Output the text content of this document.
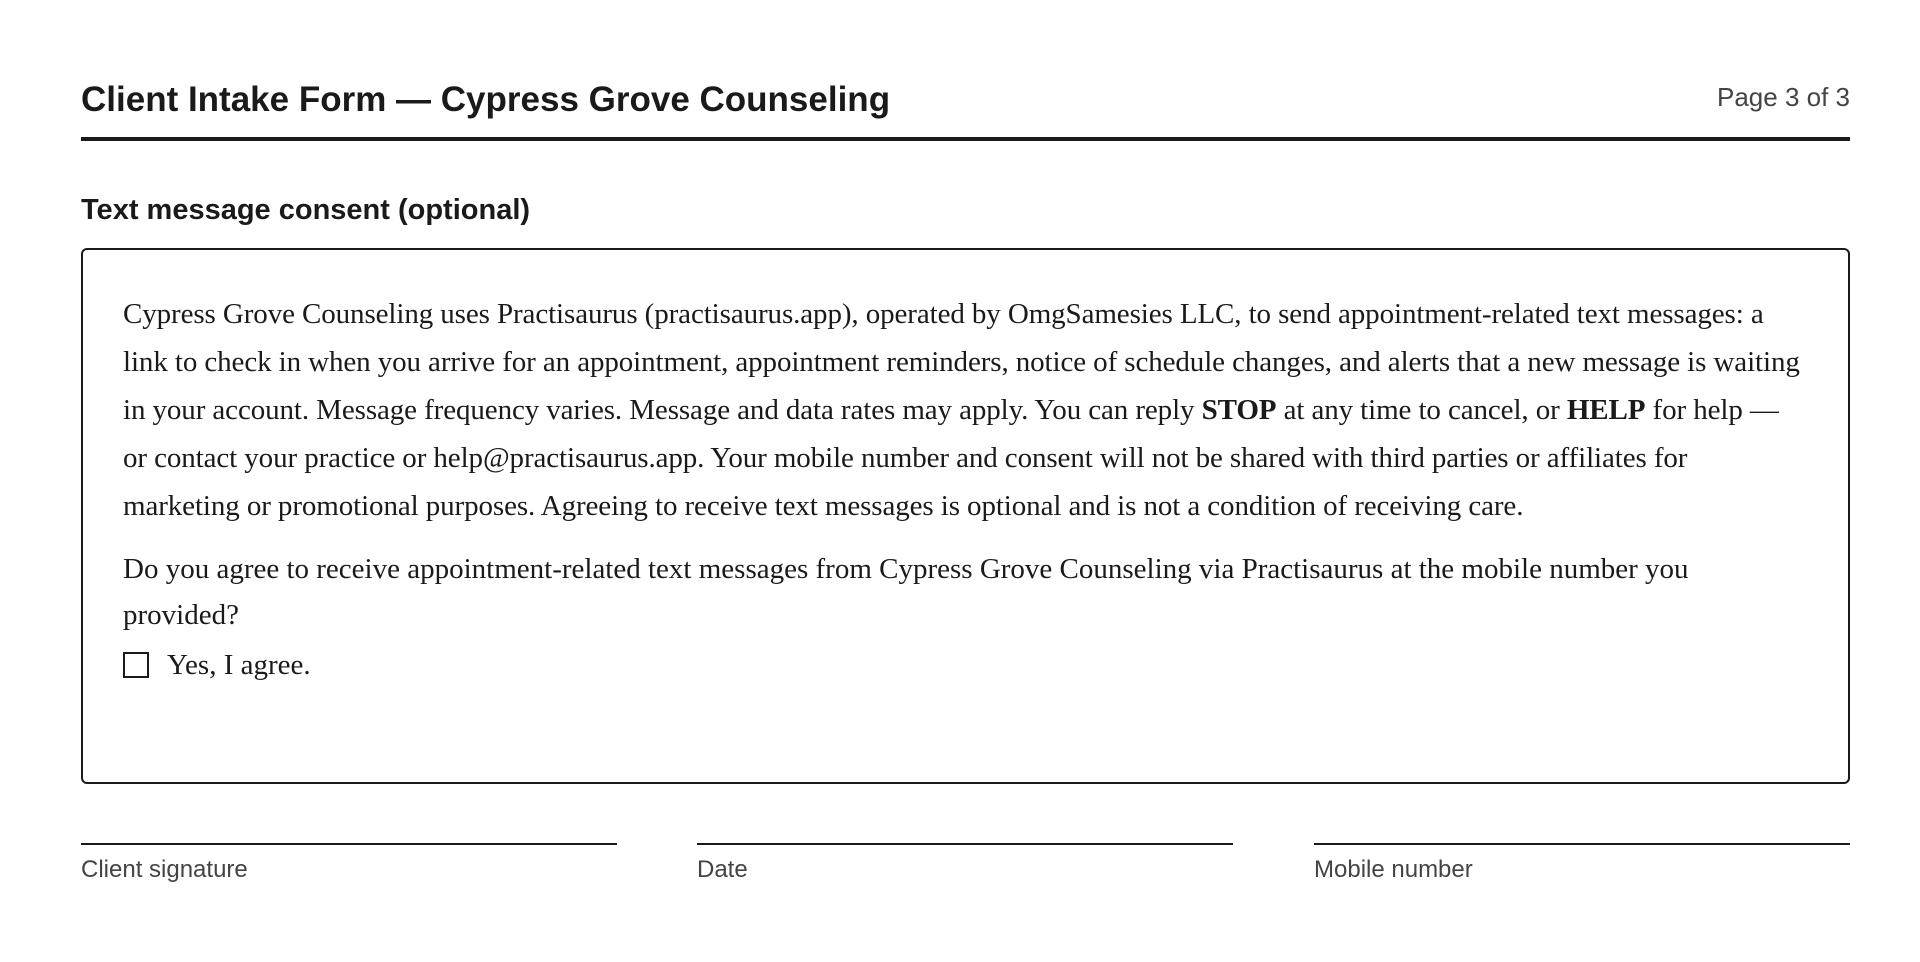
Client Intake Form — Cypress Grove Counseling	Page 3 of 3
Text message consent (optional)

Cypress Grove Counseling uses Practisaurus (practisaurus.app), operated by OmgSamesies LLC, to send appointment-related text messages: a link to check in when you arrive for an appointment, appointment reminders, notice of schedule changes, and alerts that a new message is waiting in your account. Message frequency varies. Message and data rates may apply. You can reply STOP at any time to cancel, or HELP for help — or contact your practice or help@practisaurus.app. Your mobile number and consent will not be shared with third parties or affiliates for marketing or promotional purposes. Agreeing to receive text messages is optional and is not a condition of receiving care.

Do you agree to receive appointment-related text messages from Cypress Grove Counseling via Practisaurus at the mobile number you provided?

Yes, I agree.
Client signature	Date	Mobile number
